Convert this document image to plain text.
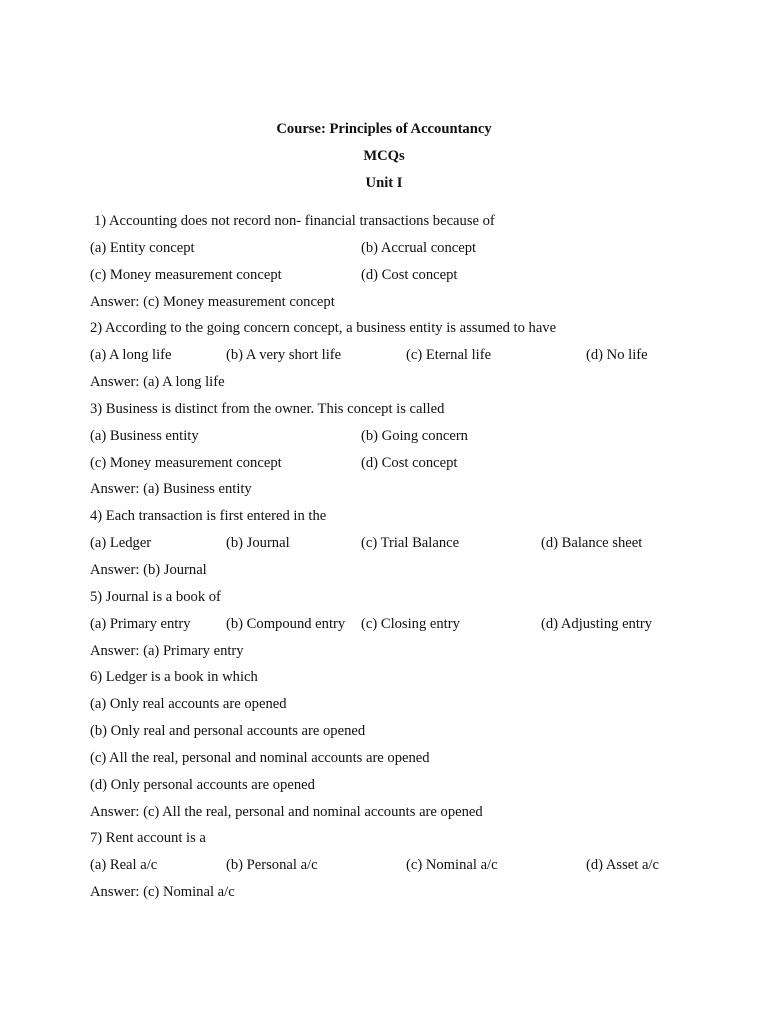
Course: Principles of Accountancy
MCQs
Unit I
1) Accounting does not record non- financial transactions because of
(a) Entity concept	(b) Accrual concept
(c) Money measurement concept	(d) Cost concept
Answer: (c) Money measurement concept
2) According to the going concern concept, a business entity is assumed to have
(a) A long life	(b) A very short life	(c) Eternal life	(d) No life
Answer: (a) A long life
3) Business is distinct from the owner. This concept is called
(a) Business entity	(b) Going concern
(c) Money measurement concept	(d) Cost concept
Answer: (a) Business entity
4) Each transaction is first entered in the
(a) Ledger	(b) Journal	(c) Trial Balance	(d) Balance sheet
Answer: (b) Journal
5) Journal is a book of
(a) Primary entry (b) Compound entry (c) Closing entry	(d) Adjusting entry
Answer: (a) Primary entry
6) Ledger is a book in which
(a) Only real accounts are opened
(b) Only real and personal accounts are opened
(c) All the real, personal and nominal accounts are opened
(d) Only personal accounts are opened
Answer: (c) All the real, personal and nominal accounts are opened
7) Rent account is a
(a) Real a/c	(b) Personal a/c	(c) Nominal a/c	(d) Asset a/c
Answer: (c) Nominal a/c
